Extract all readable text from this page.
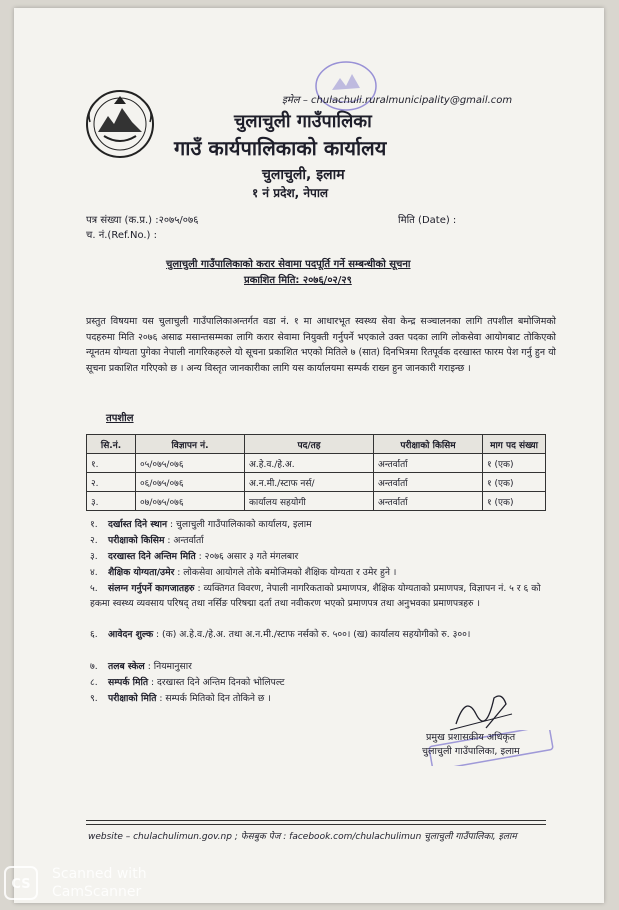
इमेल – chulachuli.ruralmunicipality@gmail.com
चुलाचुली गाउँपालिका
गाउँ कार्यपालिकाको कार्यालय
चुलाचुली, इलाम
१ नं प्रदेश, नेपाल
पत्र संख्या (क.प्र.) :२०७५/०७६
च. नं.(Ref.No.) :
मिति (Date) :
चुलाचुली गाउँपालिकाको करार सेवामा पदपूर्ति गर्ने सम्बन्धीको सूचना
प्रकाशित मिति: २०७६/०२/२९
प्रस्तुत विषयमा यस चुलाचुली गाउँपालिकाअन्तर्गत वडा नं. १ मा आधारभूत स्वस्थ्य सेवा केन्द्र सञ्चालनका लागि तपशील बमोजिमको पदहरुमा मिति २०७६ असाढ मसान्तसम्मका लागि करार सेवामा नियुक्ती गर्नुपर्ने भएकाले उक्त पदका लागि लोकसेवा आयोगबाट तोकिएको न्यूनतम योग्यता पुगेका नेपाली नागरिकहरुले यो सूचना प्रकाशित भएको मितिले ७ (सात) दिनभित्रमा रितपूर्वक दरखास्त फारम पेश गर्नु हुन यो सूचना प्रकाशित गरिएको छ । अन्य विस्तृत जानकारीका लागि यस कार्यालयमा सम्पर्क राख्न हुन जानकारी गराइन्छ ।
तपशील
सि.नं.	विज्ञापन नं.	पद/तह	परीक्षाको किसिम	माग पद संख्या
१.	०५/०७५/०७६	अ.हे.व./हे.अ.	अन्तर्वार्ता	१ (एक)
२.	०६/०७५/०७६	अ.न.मी./स्टाफ नर्स/	अन्तर्वार्ता	१ (एक)
३.	०७/०७५/०७६	कार्यालय सहयोगी	अन्तर्वार्ता	१ (एक)
१. दर्खास्त दिने स्थान : चुलाचुली गाउँपालिकाको कार्यालय, इलाम
२. परीक्षाको किसिम : अन्तर्वार्ता
३. दरखास्त दिने अन्तिम मिति : २०७६ असार ३ गते मंगलबार
४. शैक्षिक योग्यता/उमेर : लोकसेवा आयोगले तोके बमोजिमको शैक्षिक योग्यता र उमेर हुने ।
५. संलग्न गर्नुपर्ने कागजातहरु : व्यक्तिगत विवरण, नेपाली नागरिकताको प्रमाणपत्र, शैक्षिक योग्यताको प्रमाणपत्र, विज्ञापन नं. ५ र ६ को हकमा स्वस्थ्य व्यवसाय परिषद् तथा नर्सिङ परिषद्मा दर्ता तथा नवीकरण भएको प्रमाणपत्र तथा अनुभवका प्रमाणपत्रहरु ।
६. आवेदन शुल्क : (क) अ.हे.व./हे.अ. तथा अ.न.मी./स्टाफ नर्सको रु. ५००। (ख) कार्यालय सहयोगीको रु. ३००।
७. तलब स्केल : नियमानुसार
८. सम्पर्क मिति : दरखास्त दिने अन्तिम दिनको भोलिपल्ट
९. परीक्षाको मिति : सम्पर्क मितिको दिन तोकिने छ ।
प्रमुख प्रशासकीय अधिकृत
चुलाचुली गाउँपालिका, इलाम
website – chulachulimun.gov.np ; फेसबुक पेज : facebook.com/chulachulimun चुलाचुली गाउँपालिका, इलाम
CS
Scanned with
CamScanner
